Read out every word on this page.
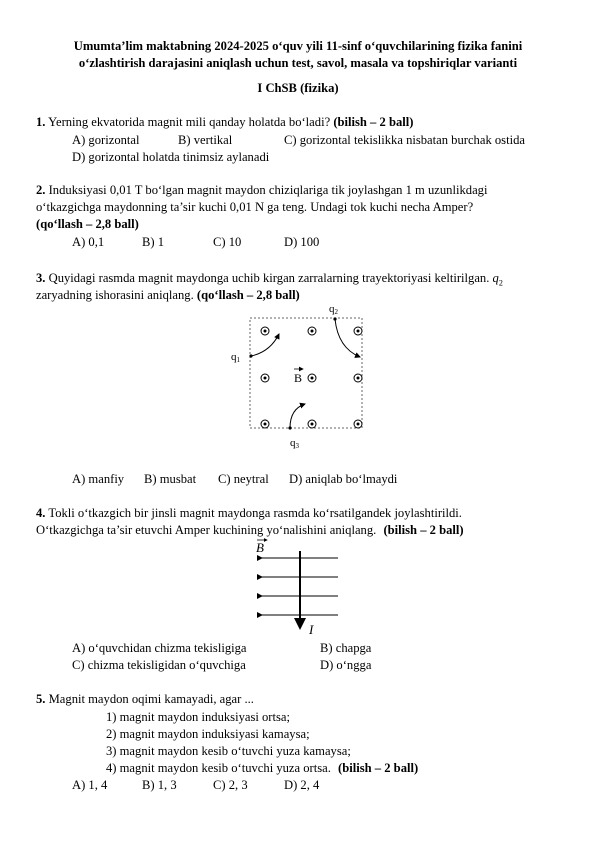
Umumta’lim maktabning 2024-2025 o‘quv yili 11-sinf o‘quvchilarining fizika fanini
o‘zlashtirish darajasini aniqlash uchun test, savol, masala va topshiriqlar varianti
I ChSB (fizika)
1. Yerning ekvatorida magnit mili qanday holatda bo‘ladi? (bilish – 2 ball)
A) gorizontal	B) vertikal	C) gorizontal tekislikka nisbatan burchak ostida
D) gorizontal holatda tinimsiz aylanadi
2. Induksiyasi 0,01 T bo‘lgan magnit maydon chiziqlariga tik joylashgan 1 m uzunlikdagi
o‘tkazgichga maydonning ta’sir kuchi 0,01 N ga teng. Undagi tok kuchi necha Amper?
(qo‘llash – 2,8 ball)
A) 0,1	B) 1	C) 10	D) 100
3. Quyidagi rasmda magnit maydonga uchib kirgan zarralarning trayektoriyasi keltirilgan. $q_2$
zaryadning ishorasini aniqlang. (qo‘llash – 2,8 ball)
q1
q2
q3
B
A) manfiy B) musbat C) neytral D) aniqlab bo‘lmaydi
4. Tokli o‘tkazgich bir jinsli magnit maydonga rasmda ko‘rsatilgandek joylashtirildi.
O‘tkazgichga ta’sir etuvchi Amper kuchining yo‘nalishini aniqlang. (bilish – 2 ball)
B
I
A) o‘quvchidan chizma tekisligiga	B) chapga
C) chizma tekisligidan o‘quvchiga	D) o‘ngga
5. Magnit maydon oqimi kamayadi, agar ...
1) magnit maydon induksiyasi ortsa;
2) magnit maydon induksiyasi kamaysa;
3) magnit maydon kesib o‘tuvchi yuza kamaysa;
4) magnit maydon kesib o‘tuvchi yuza ortsa. (bilish – 2 ball)
A) 1, 4	B) 1, 3	C) 2, 3	D) 2, 4
